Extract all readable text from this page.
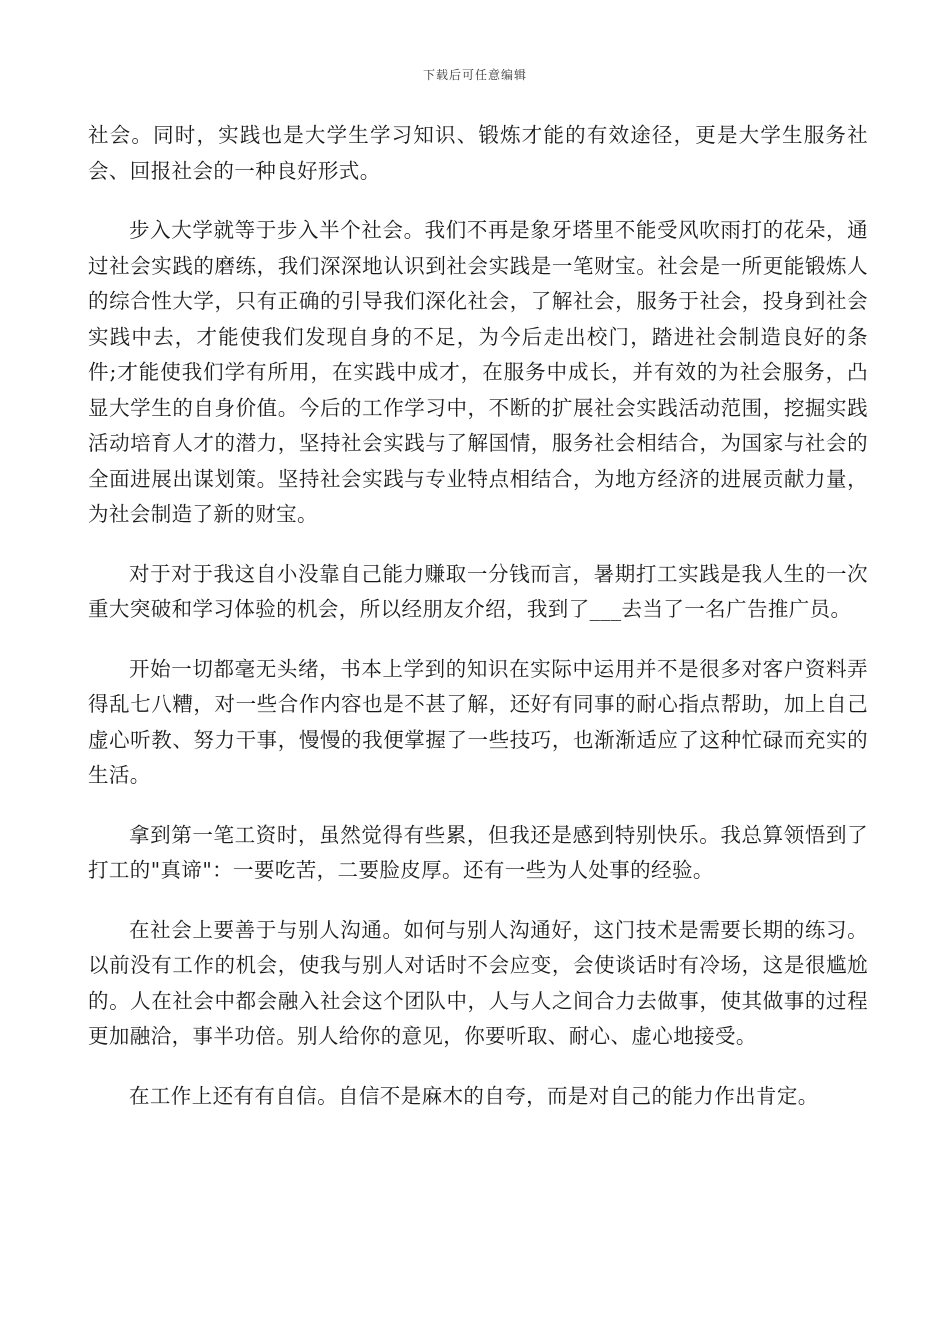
下载后可任意编辑

社会。同时，实践也是大学生学习知识、锻炼才能的有效途径，更是大学生服务社会、回报社会的一种良好形式。

步入大学就等于步入半个社会。我们不再是象牙塔里不能受风吹雨打的花朵，通过社会实践的磨练，我们深深地认识到社会实践是一笔财宝。社会是一所更能锻炼人的综合性大学，只有正确的引导我们深化社会，了解社会，服务于社会，投身到社会实践中去，才能使我们发现自身的不足，为今后走出校门，踏进社会制造良好的条件;才能使我们学有所用，在实践中成才，在服务中成长，并有效的为社会服务，凸显大学生的自身价值。今后的工作学习中，不断的扩展社会实践活动范围，挖掘实践活动培育人才的潜力，坚持社会实践与了解国情，服务社会相结合，为国家与社会的全面进展出谋划策。坚持社会实践与专业特点相结合，为地方经济的进展贡献力量，为社会制造了新的财宝。

对于对于我这自小没靠自己能力赚取一分钱而言，暑期打工实践是我人生的一次重大突破和学习体验的机会，所以经朋友介绍，我到了___去当了一名广告推广员。

开始一切都毫无头绪，书本上学到的知识在实际中运用并不是很多对客户资料弄得乱七八糟，对一些合作内容也是不甚了解，还好有同事的耐心指点帮助，加上自己虚心听教、努力干事，慢慢的我便掌握了一些技巧，也渐渐适应了这种忙碌而充实的生活。

拿到第一笔工资时，虽然觉得有些累，但我还是感到特别快乐。我总算领悟到了打工的"真谛"：一要吃苦，二要脸皮厚。还有一些为人处事的经验。

在社会上要善于与别人沟通。如何与别人沟通好，这门技术是需要长期的练习。以前没有工作的机会，使我与别人对话时不会应变，会使谈话时有冷场，这是很尴尬的。人在社会中都会融入社会这个团队中，人与人之间合力去做事，使其做事的过程更加融洽，事半功倍。别人给你的意见，你要听取、耐心、虚心地接受。

在工作上还有有自信。自信不是麻木的自夸，而是对自己的能力作出肯定。
